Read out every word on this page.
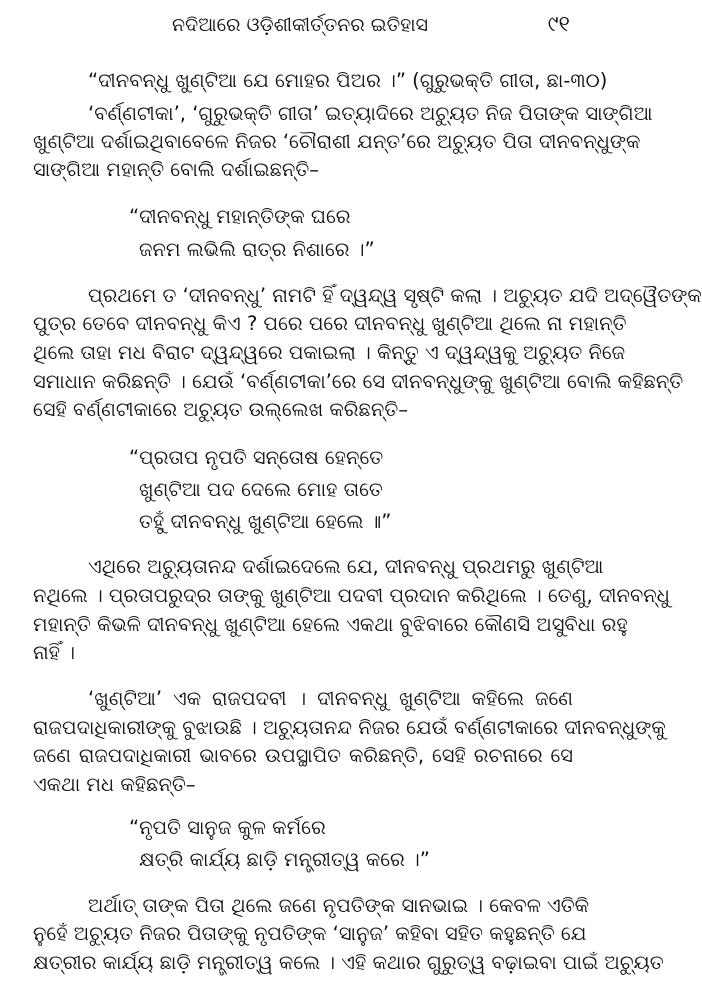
ନଦିଆରେ ଓଡ଼ିଶୀକୀର୍ତ୍ତନର ଇତିହାସ	୯୧
“ଦୀନବନ୍ଧୁ ଖୁଣ୍ଟିଆ ଯେ ମୋହର ପିଅର ।” (ଗୁରୁଭକ୍ତି ଗୀତା, ଛା-୩୦)
‘ବର୍ଣ୍ଣଟୀକା’, ‘ଗୁରୁଭକ୍ତି ଗୀତା’ ଇତ୍ୟାଦିରେ ଅଚ୍ୟୁତ ନିଜ ପିତାଙ୍କ ସାଙ୍ଗିଆ
ଖୁଣ୍ଟିଆ ଦର୍ଶାଇଥିବାବେଳେ ନିଜର ‘ଚୌରାଶୀ ଯନ୍ତ’ରେ ଅଚ୍ୟୁତ ପିତା ଦୀନବନ୍ଧୁଙ୍କ
ସାଙ୍ଗିଆ ମହାନ୍ତି ବୋଲି ଦର୍ଶାଇଛନ୍ତି–
“ଦୀନବନ୍ଧୁ ମହାନ୍ତିଙ୍କ ଘରେ
ଜନମ ଲଭିଲି ରାତ୍ର ନିଶାରେ ।”
ପ୍ରଥମେ ତ ‘ଦୀନବନ୍ଧୁ’ ନାମଟି ହିଁ ଦ୍ୱନ୍ଦ୍ୱ ସୃଷ୍ଟି କଲା । ଅଚ୍ୟୁତ ଯଦି ଅଦ୍ୱୈତଙ୍କ
ପୁତ୍ର ତେବେ ଦୀନବନ୍ଧୁ କିଏ ? ପରେ ପରେ ଦୀନବନ୍ଧୁ ଖୁଣ୍ଟିଆ ଥିଲେ ନା ମହାନ୍ତି
ଥିଲେ ତାହା ମଧ ବିରାଟ ଦ୍ୱନ୍ଦ୍ୱରେ ପକାଇଲା । କିନ୍ତୁ ଏ ଦ୍ୱନ୍ଦ୍ୱକୁ ଅଚ୍ୟୁତ ନିଜେ
ସମାଧାନ କରିଛନ୍ତି । ଯେଉଁ ‘ବର୍ଣ୍ଣଟୀକା’ରେ ସେ ଦୀନବନ୍ଧୁଙ୍କୁ ଖୁଣ୍ଟିଆ ବୋଲି କହିଛନ୍ତି
ସେହି ବର୍ଣ୍ଣଟୀକାରେ ଅଚ୍ୟୁତ ଉଲ୍ଲେଖ କରିଛନ୍ତି–
“ପ୍ରତାପ ନୃପତି ସନ୍ତୋଷ ହେନ୍ତେ
ଖୁଣ୍ଟିଆ ପଦ ଦେଲେ ମୋହ ତାତେ
ତହୁଁ ଦୀନବନ୍ଧୁ ଖୁଣ୍ଟିଆ ହେଲେ ॥”
ଏଥିରେ ଅଚ୍ୟୁତାନନ୍ଦ ଦର୍ଶାଇଦେଲେ ଯେ, ଦୀନବନ୍ଧୁ ପ୍ରଥମରୁ ଖୁଣ୍ଟିଆ
ନଥିଲେ । ପ୍ରତାପରୁଦ୍ର ତାଙ୍କୁ ଖୁଣ୍ଟିଆ ପଦବୀ ପ୍ରଦାନ କରିଥିଲେ । ତେଣୁ, ଦୀନବନ୍ଧୁ
ମହାନ୍ତି କିଭଳି ଦୀନବନ୍ଧୁ ଖୁଣ୍ଟିଆ ହେଲେ ଏକଥା ବୁଝିବାରେ କୌଣସି ଅସୁବିଧା ରହୁ
ନାହିଁ ।
‘ଖୁଣ୍ଟିଆ’ ଏକ ରାଜପଦବୀ । ଦୀନବନ୍ଧୁ ଖୁଣ୍ଟିଆ କହିଲେ ଜଣେ
ରାଜପଦାଧିକାରୀଙ୍କୁ ବୁଝାଉଛି । ଅଚ୍ୟୁତାନନ୍ଦ ନିଜର ଯେଉଁ ବର୍ଣ୍ଣଟୀକାରେ ଦୀନବନ୍ଧୁଙ୍କୁ
ଜଣେ ରାଜପଦାଧିକାରୀ ଭାବରେ ଉପସ୍ଥାପିତ କରିଛନ୍ତି, ସେହି ରଚନାରେ ସେ
ଏକଥା ମଧ କହିଛନ୍ତି–
“ନୃପତି ସାନୁଜ କୁଳ କର୍ମରେ
କ୍ଷତ୍ରି କାର୍ଯ୍ୟ ଛାଡ଼ି ମନ୍ତ୍ରୀତ୍ୱ କରେ ।”
ଅର୍ଥାତ୍ ତାଙ୍କ ପିତା ଥିଲେ ଜଣେ ନୃପତିଙ୍କ ସାନଭାଇ । କେବଳ ଏତିକି
ନୁହେଁ ଅଚ୍ୟୁତ ନିଜର ପିତାଙ୍କୁ ନୃପତିଙ୍କ ‘ସାନୁଜ’ କହିବା ସହିତ କହୁଛନ୍ତି ଯେ
କ୍ଷତ୍ରୀର କାର୍ଯ୍ୟ ଛାଡ଼ି ମନ୍ତ୍ରୀତ୍ୱ କଲେ । ଏହି କଥାର ଗୁରୁତ୍ୱ ବଢ଼ାଇବା ପାଇଁ ଅଚ୍ୟୁତ
